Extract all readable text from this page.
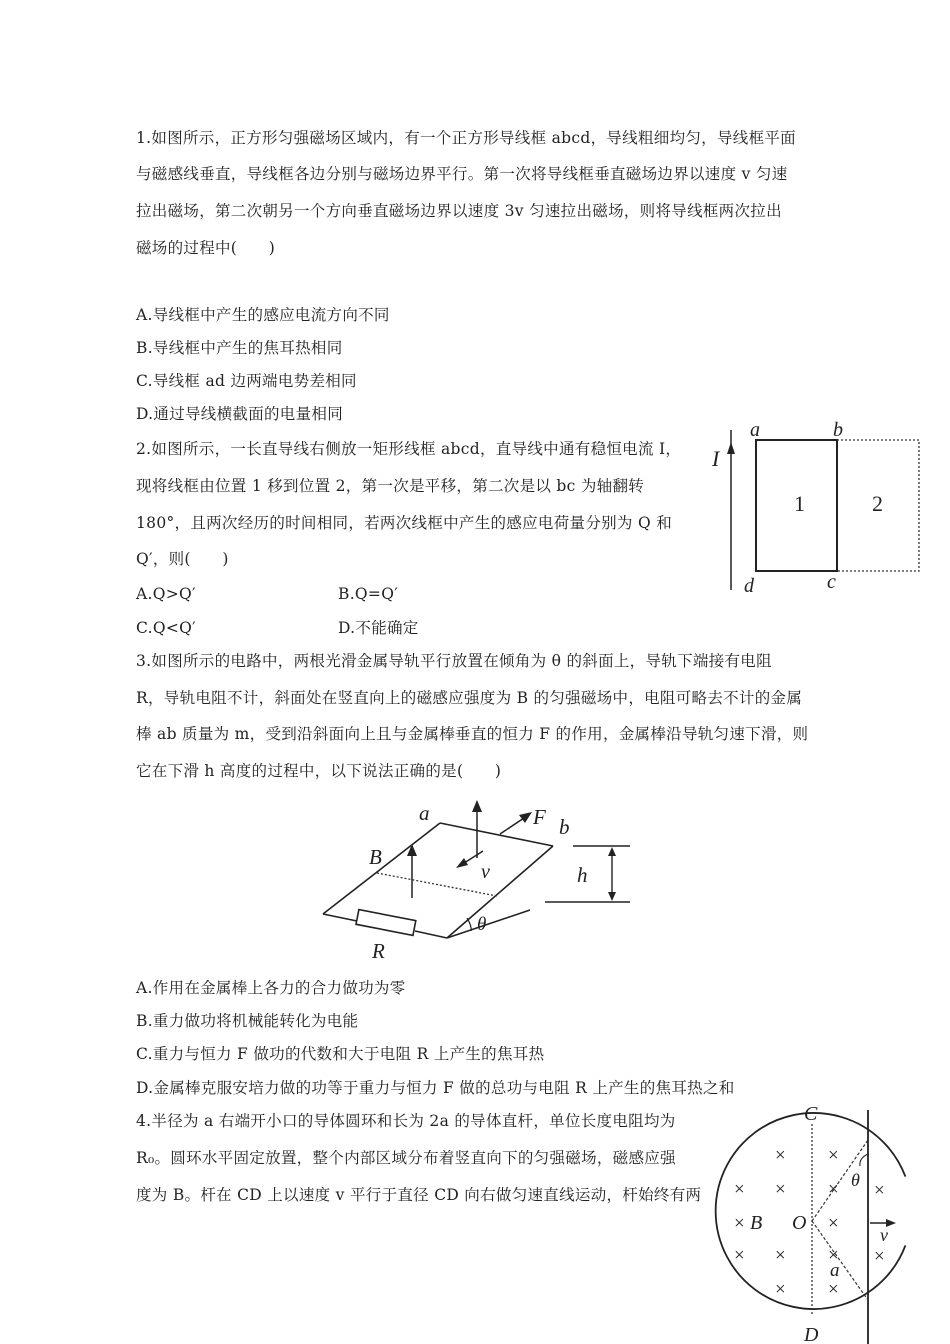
1.如图所示，正方形匀强磁场区域内，有一个正方形导线框 abcd，导线粗细均匀，导线框平面
与磁感线垂直，导线框各边分别与磁场边界平行。第一次将导线框垂直磁场边界以速度 v 匀速
拉出磁场，第二次朝另一个方向垂直磁场边界以速度 3v 匀速拉出磁场，则将导线框两次拉出
磁场的过程中(　　)
A.导线框中产生的感应电流方向不同
B.导线框中产生的焦耳热相同
C.导线框 ad 边两端电势差相同
D.通过导线横截面的电量相同
2.如图所示，一长直导线右侧放一矩形线框 abcd，直导线中通有稳恒电流 I，
现将线框由位置 1 移到位置 2，第一次是平移，第二次是以 bc 为轴翻转
180°，且两次经历的时间相同，若两次线框中产生的感应电荷量分别为 Q 和
Q′，则(　　)
A.Q>Q′	B.Q=Q′
C.Q<Q′	D.不能确定
I
a	b
d	c
1	2
3.如图所示的电路中，两根光滑金属导轨平行放置在倾角为 θ 的斜面上，导轨下端接有电阻
R，导轨电阻不计，斜面处在竖直向上的磁感应强度为 B 的匀强磁场中，电阻可略去不计的金属
棒 ab 质量为 m，受到沿斜面向上且与金属棒垂直的恒力 F 的作用，金属棒沿导轨匀速下滑，则
它在下滑 h 高度的过程中，以下说法正确的是(　　)
a	F b
B
v	h
θ
R
A.作用在金属棒上各力的合力做功为零
B.重力做功将机械能转化为电能
C.重力与恒力 F 做功的代数和大于电阻 R 上产生的焦耳热
D.金属棒克服安培力做的功等于重力与恒力 F 做的总功与电阻 R 上产生的焦耳热之和
4.半径为 a 右端开小口的导体圆环和长为 2a 的导体直杆，单位长度电阻均为
R₀。圆环水平固定放置，整个内部区域分布着竖直向下的匀强磁场，磁感应强
度为 B。杆在 CD 上以速度 v 平行于直径 CD 向右做匀速直线运动，杆始终有两
C
D
B O
θ
v
a
× ×
× × × ×
×	×
× × × ×
× ×
